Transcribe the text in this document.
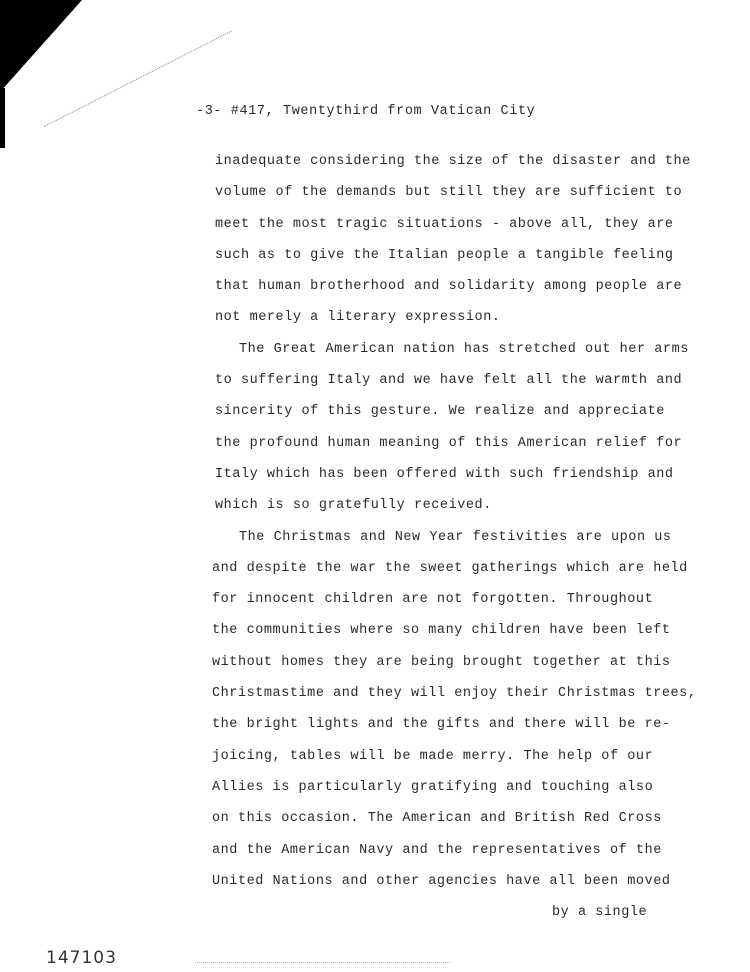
-3- #417, Twentythird from Vatican City
inadequate considering the size of the disaster and the
volume of the demands but still they are sufficient to
meet the most tragic situations - above all, they are
such as to give the Italian people a tangible feeling
that human brotherhood and solidarity among people are
not merely a literary expression.
The Great American nation has stretched out her arms
to suffering Italy and we have felt all the warmth and
sincerity of this gesture. We realize and appreciate
the profound human meaning of this American relief for
Italy which has been offered with such friendship and
which is so gratefully received.
The Christmas and New Year festivities are upon us
and despite the war the sweet gatherings which are held
for innocent children are not forgotten. Throughout
the communities where so many children have been left
without homes they are being brought together at this
Christmastime and they will enjoy their Christmas trees,
the bright lights and the gifts and there will be re-
joicing, tables will be made merry. The help of our
Allies is particularly gratifying and touching also
on this occasion. The American and British Red Cross
and the American Navy and the representatives of the
United Nations and other agencies have all been moved
by a single
147103
